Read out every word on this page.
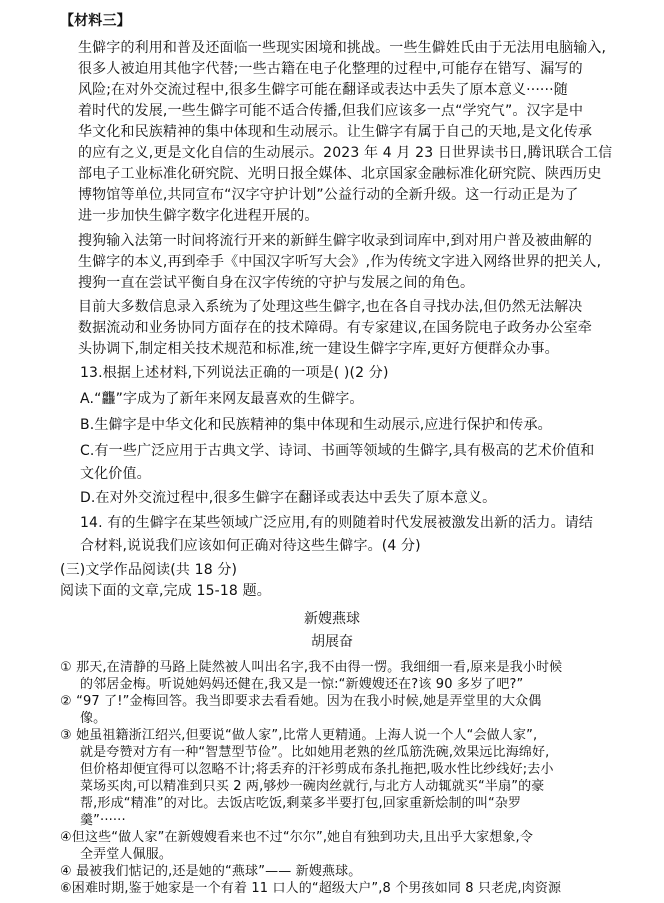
【材料三】
生僻字的利用和普及还面临一些现实困境和挑战。一些生僻姓氏由于无法用电脑输入,
很多人被迫用其他字代替;一些古籍在电子化整理的过程中,可能存在错写、漏写的
风险;在对外交流过程中,很多生僻字可能在翻译或表达中丢失了原本意义······随
着时代的发展,一些生僻字可能不适合传播,但我们应该多一点“学究气”。汉字是中
华文化和民族精神的集中体现和生动展示。让生僻字有属于自己的天地,是文化传承
的应有之义,更是文化自信的生动展示。2023 年 4 月 23 日世界读书日,腾讯联合工信
部电子工业标准化研究院、光明日报全媒体、北京国家金融标准化研究院、陕西历史
博物馆等单位,共同宣布“汉字守护计划”公益行动的全新升级。这一行动正是为了
进一步加快生僻字数字化进程开展的。
搜狗输入法第一时间将流行开来的新鲜生僻字收录到词库中,到对用户普及被曲解的
生僻字的本义,再到牵手《中国汉字听写大会》,作为传统文字进入网络世界的把关人,
搜狗一直在尝试平衡自身在汉字传统的守护与发展之间的角色。
目前大多数信息录入系统为了处理这些生僻字,也在各自寻找办法,但仍然无法解决
数据流动和业务协同方面存在的技术障碍。有专家建议,在国务院电子政务办公室牵
头协调下,制定相关技术规范和标准,统一建设生僻字字库,更好方便群众办事。
13.根据上述材料,下列说法正确的一项是( )(2 分)
A.“龘”字成为了新年来网友最喜欢的生僻字。
B.生僻字是中华文化和民族精神的集中体现和生动展示,应进行保护和传承。
C.有一些广泛应用于古典文学、诗词、书画等领域的生僻字,具有极高的艺术价值和
文化价值。
D.在对外交流过程中,很多生僻字在翻译或表达中丢失了原本意义。
14. 有的生僻字在某些领域广泛应用,有的则随着时代发展被激发出新的活力。请结
合材料,说说我们应该如何正确对待这些生僻字。(4 分)
(三)文学作品阅读(共 18 分)
阅读下面的文章,完成 15-18 题。
新嫂燕球
胡展奋
① 那天,在清静的马路上陡然被人叫出名字,我不由得一愣。我细细一看,原来是我小时候
的邻居金梅。听说她妈妈还健在,我又是一惊:“新嫂嫂还在?该 90 多岁了吧?”
② “97 了!”金梅回答。我当即要求去看看她。因为在我小时候,她是弄堂里的大众偶
像。
③ 她虽祖籍浙江绍兴,但要说“做人家”,比常人更精通。上海人说一个人“会做人家”,
就是夸赞对方有一种“智慧型节俭”。比如她用老熟的丝瓜筋洗碗,效果远比海绵好,
但价格却便宜得可以忽略不计;将丢弃的汗衫剪成布条扎拖把,吸水性比纱线好;去小
菜场买肉,可以精准到只买 2 两,够炒一碗肉丝就行,与北方人动辄就买“半扇”的豪
帮,形成“精准”的对比。去饭店吃饭,剩菜多半要打包,回家重新烩制的叫“杂罗
羹”······
④但这些“做人家”在新嫂嫂看来也不过“尔尔”,她自有独到功夫,且出乎大家想象,令
全弄堂人佩服。
④ 最被我们惦记的,还是她的“燕球”—— 新嫂燕球。
⑥困难时期,鉴于她家是一个有着 11 口人的“超级大户”,8 个男孩如同 8 只老虎,肉资源
